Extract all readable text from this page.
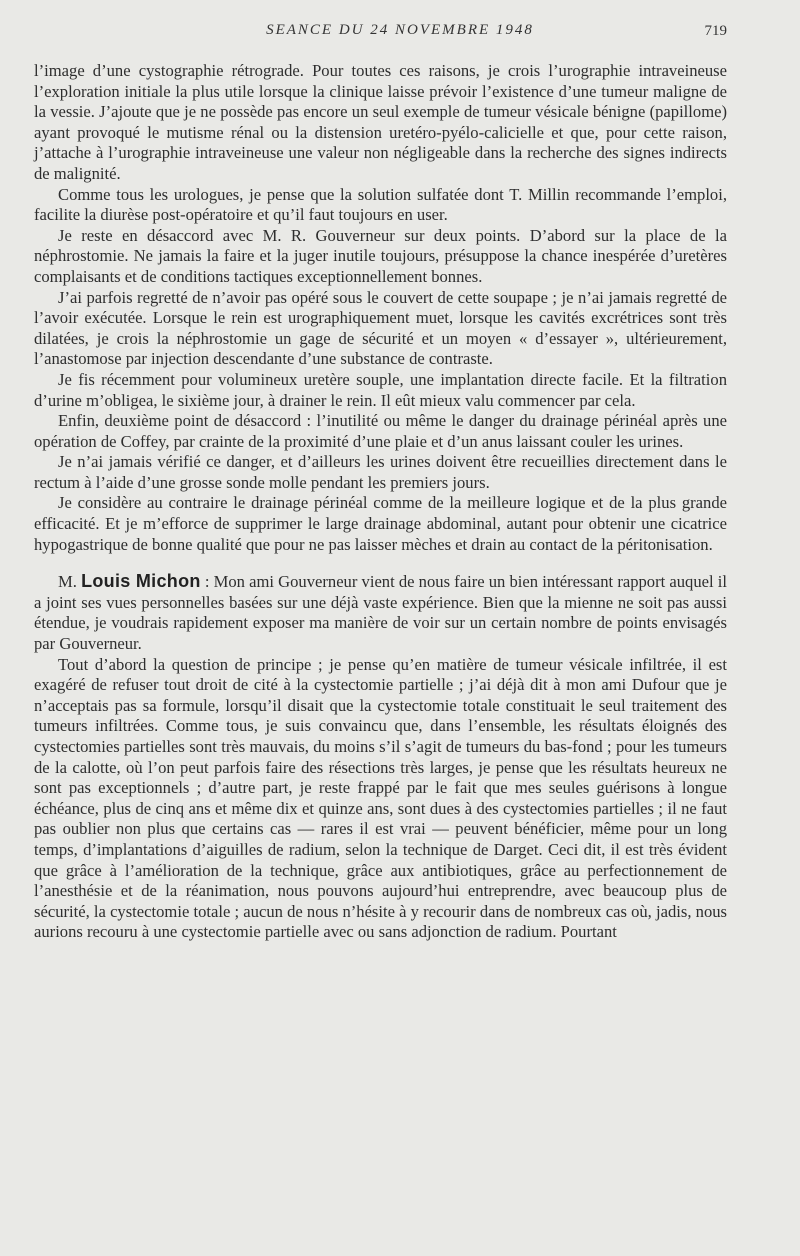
SEANCE DU 24 NOVEMBRE 1948	719

l’image d’une cystographie rétrograde. Pour toutes ces raisons, je crois l’urographie intraveineuse l’exploration initiale la plus utile lorsque la clinique laisse prévoir l’existence d’une tumeur maligne de la vessie. J’ajoute que je ne possède pas encore un seul exemple de tumeur vésicale bénigne (papillome) ayant provoqué le mutisme rénal ou la distension uretéro-pyélo-calicielle et que, pour cette raison, j’attache à l’urographie intraveineuse une valeur non négligeable dans la recherche des signes indirects de malignité.

Comme tous les urologues, je pense que la solution sulfatée dont T. Millin recommande l’emploi, facilite la diurèse post-opératoire et qu’il faut toujours en user.

Je reste en désaccord avec M. R. Gouverneur sur deux points. D’abord sur la place de la néphrostomie. Ne jamais la faire et la juger inutile toujours, présuppose la chance inespérée d’uretères complaisants et de conditions tactiques exceptionnellement bonnes.

J’ai parfois regretté de n’avoir pas opéré sous le couvert de cette soupape ; je n’ai jamais regretté de l’avoir exécutée. Lorsque le rein est urographiquement muet, lorsque les cavités excrétrices sont très dilatées, je crois la néphrostomie un gage de sécurité et un moyen « d’essayer », ultérieurement, l’anastomose par injection descendante d’une substance de contraste.

Je fis récemment pour volumineux uretère souple, une implantation directe facile. Et la filtration d’urine m’obligea, le sixième jour, à drainer le rein. Il eût mieux valu commencer par cela.

Enfin, deuxième point de désaccord : l’inutilité ou même le danger du drainage périnéal après une opération de Coffey, par crainte de la proximité d’une plaie et d’un anus laissant couler les urines.

Je n’ai jamais vérifié ce danger, et d’ailleurs les urines doivent être recueillies directement dans le rectum à l’aide d’une grosse sonde molle pendant les premiers jours.

Je considère au contraire le drainage périnéal comme de la meilleure logique et de la plus grande efficacité. Et je m’efforce de supprimer le large drainage abdominal, autant pour obtenir une cicatrice hypogastrique de bonne qualité que pour ne pas laisser mèches et drain au contact de la péritonisation.

M. Louis Michon : Mon ami Gouverneur vient de nous faire un bien intéressant rapport auquel il a joint ses vues personnelles basées sur une déjà vaste expérience. Bien que la mienne ne soit pas aussi étendue, je voudrais rapidement exposer ma manière de voir sur un certain nombre de points envisagés par Gouverneur.

Tout d’abord la question de principe ; je pense qu’en matière de tumeur vésicale infiltrée, il est exagéré de refuser tout droit de cité à la cystectomie partielle ; j’ai déjà dit à mon ami Dufour que je n’acceptais pas sa formule, lorsqu’il disait que la cystectomie totale constituait le seul traitement des tumeurs infiltrées. Comme tous, je suis convaincu que, dans l’ensemble, les résultats éloignés des cystectomies partielles sont très mauvais, du moins s’il s’agit de tumeurs du bas-fond ; pour les tumeurs de la calotte, où l’on peut parfois faire des résections très larges, je pense que les résultats heureux ne sont pas exceptionnels ; d’autre part, je reste frappé par le fait que mes seules guérisons à longue échéance, plus de cinq ans et même dix et quinze ans, sont dues à des cystectomies partielles ; il ne faut pas oublier non plus que certains cas — rares il est vrai — peuvent bénéficier, même pour un long temps, d’implantations d’aiguilles de radium, selon la technique de Darget. Ceci dit, il est très évident que grâce à l’amélioration de la technique, grâce aux antibiotiques, grâce au perfectionnement de l’anesthésie et de la réanimation, nous pouvons aujourd’hui entreprendre, avec beaucoup plus de sécurité, la cystectomie totale ; aucun de nous n’hésite à y recourir dans de nombreux cas où, jadis, nous aurions recouru à une cystectomie partielle avec ou sans adjonction de radium. Pourtant
